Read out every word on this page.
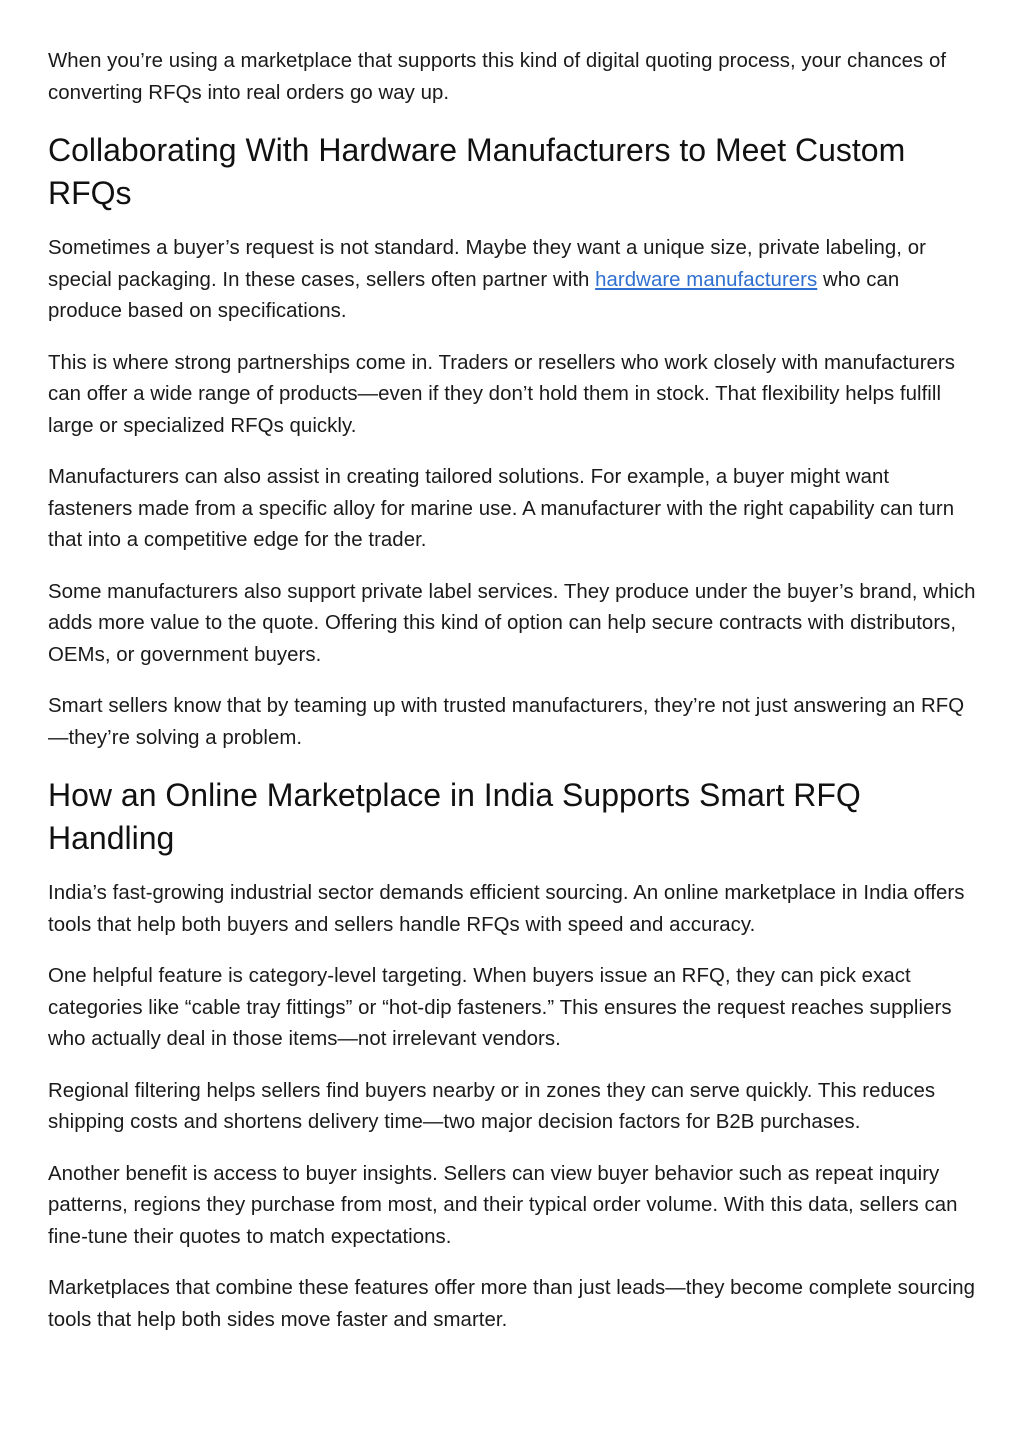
When you’re using a marketplace that supports this kind of digital quoting process, your chances of converting RFQs into real orders go way up.

Collaborating With Hardware Manufacturers to Meet Custom RFQs

Sometimes a buyer’s request is not standard. Maybe they want a unique size, private labeling, or special packaging. In these cases, sellers often partner with hardware manufacturers who can produce based on specifications.

This is where strong partnerships come in. Traders or resellers who work closely with manufacturers can offer a wide range of products—even if they don’t hold them in stock. That flexibility helps fulfill large or specialized RFQs quickly.

Manufacturers can also assist in creating tailored solutions. For example, a buyer might want fasteners made from a specific alloy for marine use. A manufacturer with the right capability can turn that into a competitive edge for the trader.

Some manufacturers also support private label services. They produce under the buyer’s brand, which adds more value to the quote. Offering this kind of option can help secure contracts with distributors, OEMs, or government buyers.

Smart sellers know that by teaming up with trusted manufacturers, they’re not just answering an RFQ—they’re solving a problem.

How an Online Marketplace in India Supports Smart RFQ Handling

India’s fast-growing industrial sector demands efficient sourcing. An online marketplace in India offers tools that help both buyers and sellers handle RFQs with speed and accuracy.

One helpful feature is category-level targeting. When buyers issue an RFQ, they can pick exact categories like “cable tray fittings” or “hot-dip fasteners.” This ensures the request reaches suppliers who actually deal in those items—not irrelevant vendors.

Regional filtering helps sellers find buyers nearby or in zones they can serve quickly. This reduces shipping costs and shortens delivery time—two major decision factors for B2B purchases.

Another benefit is access to buyer insights. Sellers can view buyer behavior such as repeat inquiry patterns, regions they purchase from most, and their typical order volume. With this data, sellers can fine-tune their quotes to match expectations.

Marketplaces that combine these features offer more than just leads—they become complete sourcing tools that help both sides move faster and smarter.
